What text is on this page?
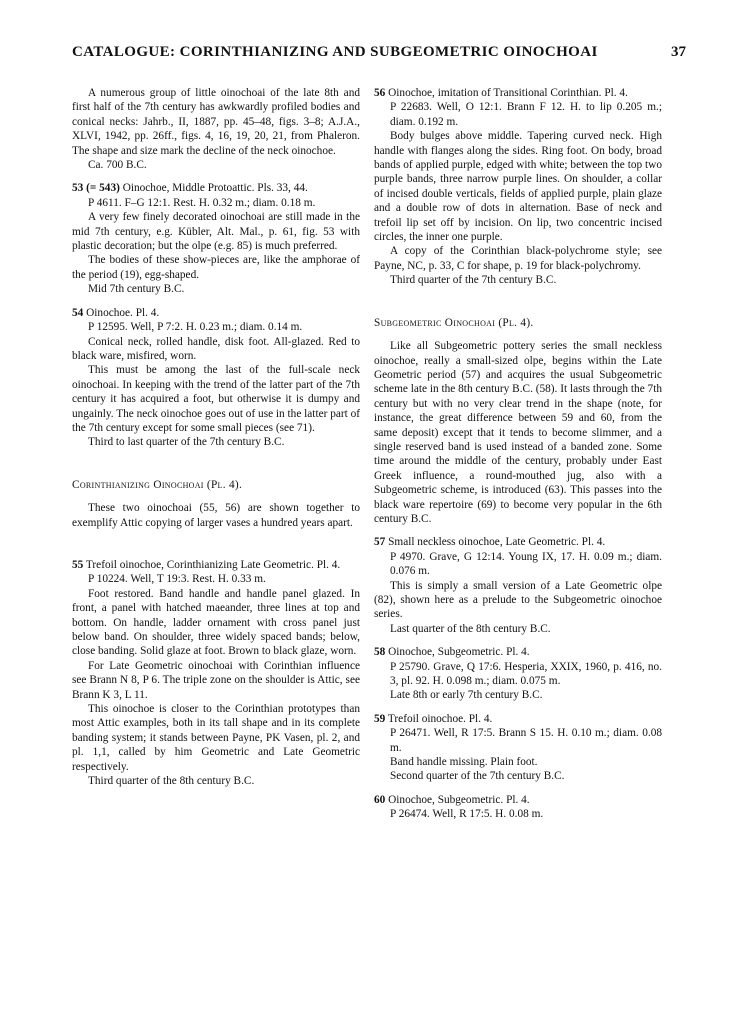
CATALOGUE: CORINTHIANIZING AND SUBGEOMETRIC OINOCHOAI	37

A numerous group of little oinochoai of the late 8th and first half of the 7th century has awkwardly profiled bodies and conical necks: Jahrb., II, 1887, pp. 45–48, figs. 3–8; A.J.A., XLVI, 1942, pp. 26ff., figs. 4, 16, 19, 20, 21, from Phaleron. The shape and size mark the decline of the neck oinochoe.

Ca. 700 B.C.

53 (= 543) Oinochoe, Middle Protoattic. Pls. 33, 44.

P 4611. F–G 12:1. Rest. H. 0.32 m.; diam. 0.18 m.

A very few finely decorated oinochoai are still made in the mid 7th century, e.g. Kübler, Alt. Mal., p. 61, fig. 53 with plastic decoration; but the olpe (e.g. 85) is much preferred.

The bodies of these show-pieces are, like the amphorae of the period (19), egg-shaped.

Mid 7th century B.C.

54 Oinochoe. Pl. 4.

P 12595. Well, P 7:2. H. 0.23 m.; diam. 0.14 m.

Conical neck, rolled handle, disk foot. All-glazed. Red to black ware, misfired, worn.

This must be among the last of the full-scale neck oinochoai. In keeping with the trend of the latter part of the 7th century it has acquired a foot, but otherwise it is dumpy and ungainly. The neck oinochoe goes out of use in the latter part of the 7th century except for some small pieces (see 71).

Third to last quarter of the 7th century B.C.

Corinthianizing Oinochoai (Pl. 4).

These two oinochoai (55, 56) are shown together to exemplify Attic copying of larger vases a hundred years apart.

55 Trefoil oinochoe, Corinthianizing Late Geometric. Pl. 4.

P 10224. Well, T 19:3. Rest. H. 0.33 m.

Foot restored. Band handle and handle panel glazed. In front, a panel with hatched maeander, three lines at top and bottom. On handle, ladder ornament with cross panel just below band. On shoulder, three widely spaced bands; below, close banding. Solid glaze at foot. Brown to black glaze, worn.

For Late Geometric oinochoai with Corinthian influence see Brann N 8, P 6. The triple zone on the shoulder is Attic, see Brann K 3, L 11.

This oinochoe is closer to the Corinthian prototypes than most Attic examples, both in its tall shape and in its complete banding system; it stands between Payne, PK Vasen, pl. 2, and pl. 1,1, called by him Geometric and Late Geometric respectively.

Third quarter of the 8th century B.C.

56 Oinochoe, imitation of Transitional Corinthian. Pl. 4.

P 22683. Well, O 12:1. Brann F 12. H. to lip 0.205 m.; diam. 0.192 m.

Body bulges above middle. Tapering curved neck. High handle with flanges along the sides. Ring foot. On body, broad bands of applied purple, edged with white; between the top two purple bands, three narrow purple lines. On shoulder, a collar of incised double verticals, fields of applied purple, plain glaze and a double row of dots in alternation. Base of neck and trefoil lip set off by incision. On lip, two concentric incised circles, the inner one purple.

A copy of the Corinthian black-polychrome style; see Payne, NC, p. 33, C for shape, p. 19 for black-polychromy.

Third quarter of the 7th century B.C.

Subgeometric Oinochoai (Pl. 4).

Like all Subgeometric pottery series the small neckless oinochoe, really a small-sized olpe, begins within the Late Geometric period (57) and acquires the usual Subgeometric scheme late in the 8th century B.C. (58). It lasts through the 7th century but with no very clear trend in the shape (note, for instance, the great difference between 59 and 60, from the same deposit) except that it tends to become slimmer, and a single reserved band is used instead of a banded zone. Some time around the middle of the century, probably under East Greek influence, a round-mouthed jug, also with a Subgeometric scheme, is introduced (63). This passes into the black ware repertoire (69) to become very popular in the 6th century B.C.

57 Small neckless oinochoe, Late Geometric. Pl. 4.

P 4970. Grave, G 12:14. Young IX, 17. H. 0.09 m.; diam. 0.076 m.

This is simply a small version of a Late Geometric olpe (82), shown here as a prelude to the Subgeometric oinochoe series.

Last quarter of the 8th century B.C.

58 Oinochoe, Subgeometric. Pl. 4.

P 25790. Grave, Q 17:6. Hesperia, XXIX, 1960, p. 416, no. 3, pl. 92. H. 0.098 m.; diam. 0.075 m.

Late 8th or early 7th century B.C.

59 Trefoil oinochoe. Pl. 4.

P 26471. Well, R 17:5. Brann S 15. H. 0.10 m.; diam. 0.08 m.

Band handle missing. Plain foot.

Second quarter of the 7th century B.C.

60 Oinochoe, Subgeometric. Pl. 4.

P 26474. Well, R 17:5. H. 0.08 m.
